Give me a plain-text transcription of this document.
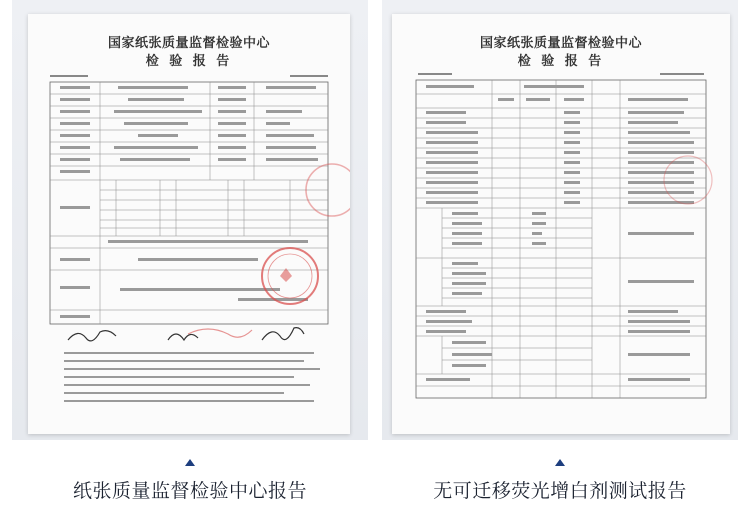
国家纸张质量监督检验中心
检 验 报 告
纸张质量监督检验中心报告
国家纸张质量监督检验中心
检 验 报 告
无可迁移荧光增白剂测试报告
